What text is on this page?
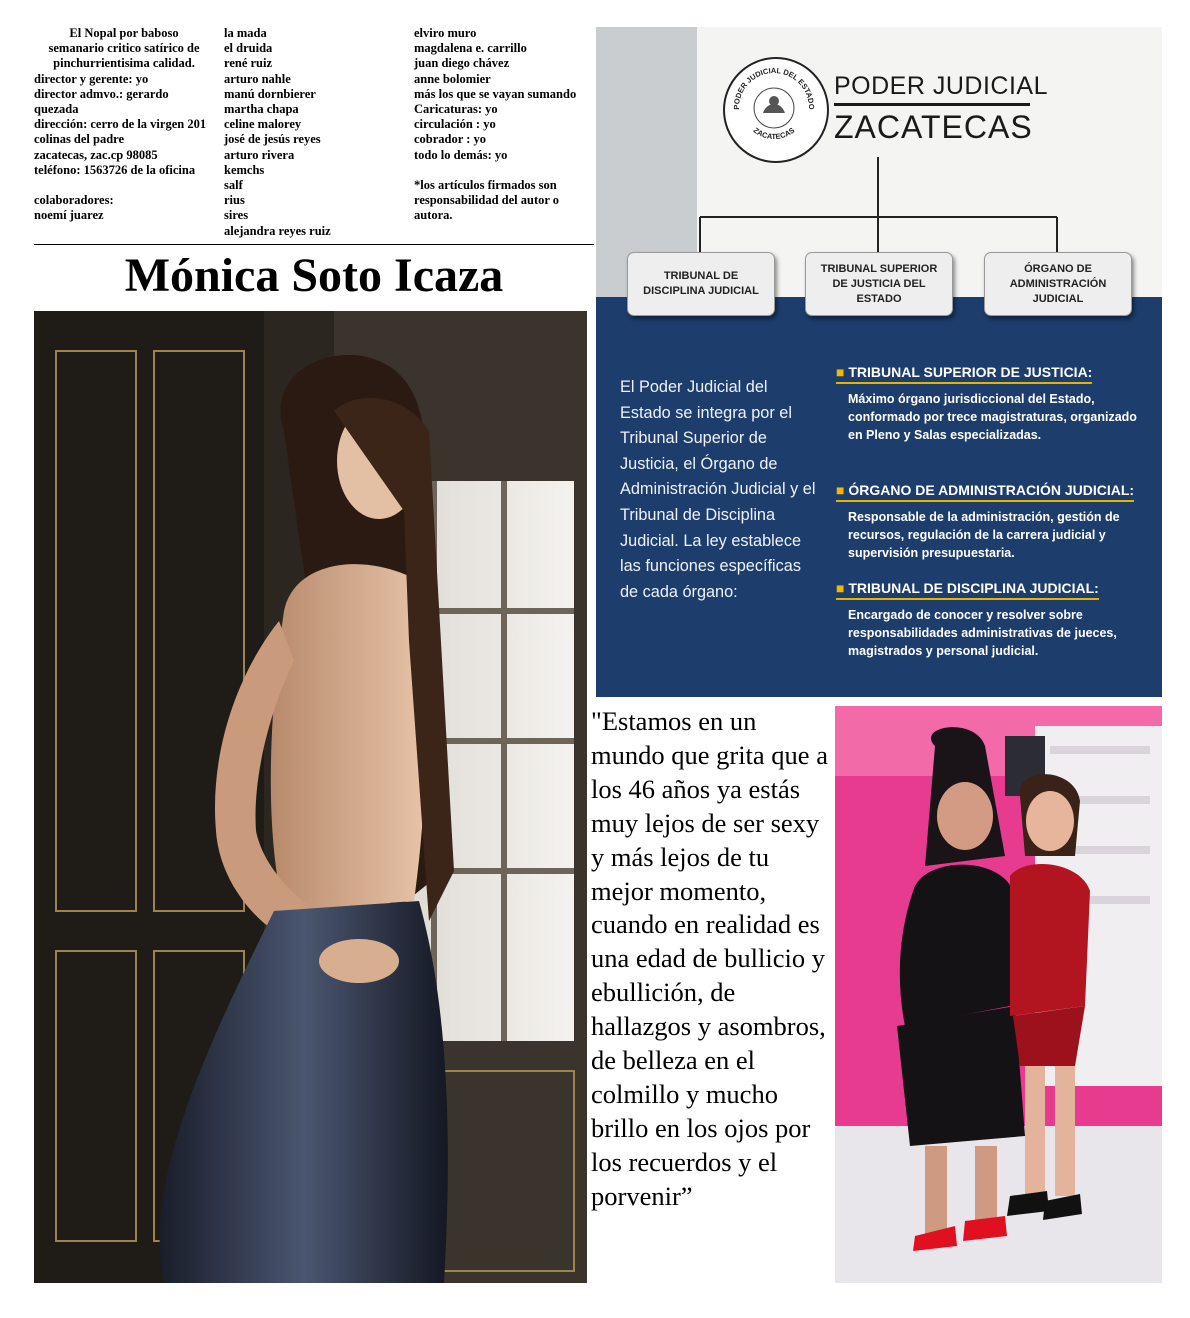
El Nopal por baboso
semanario critico satírico de
pinchurrientisima calidad.
director y gerente: yo
director admvo.: gerardo quezada
dirección: cerro de la virgen 201
colinas del padre
zacatecas, zac.cp 98085
teléfono: 1563726 de la oficina
colaboradores:
noemí juarez
la mada
el druida
rené ruiz
arturo nahle
manú dornbierer
martha chapa
celine malorey
josé de jesús reyes
arturo rivera
kemchs
salf
rius
sires
alejandra reyes ruiz
elviro muro
magdalena e. carrillo
juan diego chávez
anne bolomier
más los que se vayan sumando
Caricaturas: yo
circulación : yo
cobrador : yo
todo lo demás: yo
*los artículos firmados son responsabilidad del autor o autora.
Mónica Soto Icaza
PODER JUDICIAL DEL ESTADO
ZACATECAS
PODER JUDICIAL
ZACATECAS
TRIBUNAL DE DISCIPLINA JUDICIAL
TRIBUNAL SUPERIOR DE JUSTICIA DEL ESTADO
ÓRGANO DE ADMINISTRACIÓN JUDICIAL
El Poder Judicial del Estado se integra por el Tribunal Superior de Justicia, el Órgano de Administración Judicial y el Tribunal de Disciplina Judicial. La ley establece las funciones específicas de cada órgano:
■ TRIBUNAL SUPERIOR DE JUSTICIA:
Máximo órgano jurisdiccional del Estado, conformado por trece magistraturas, organizado en Pleno y Salas especializadas.
■ ÓRGANO DE ADMINISTRACIÓN JUDICIAL:
Responsable de la administración, gestión de recursos, regulación de la carrera judicial y supervisión presupuestaria.
■ TRIBUNAL DE DISCIPLINA JUDICIAL:
Encargado de conocer y resolver sobre responsabilidades administrativas de jueces, magistrados y personal judicial.
"Estamos en un mundo que grita que a los 46 años ya estás muy lejos de ser sexy y más lejos de tu mejor momento, cuando en realidad es una edad de bullicio y ebullición, de hallazgos y asombros, de belleza en el colmillo y mucho brillo en los ojos por los recuerdos y el porvenir”
